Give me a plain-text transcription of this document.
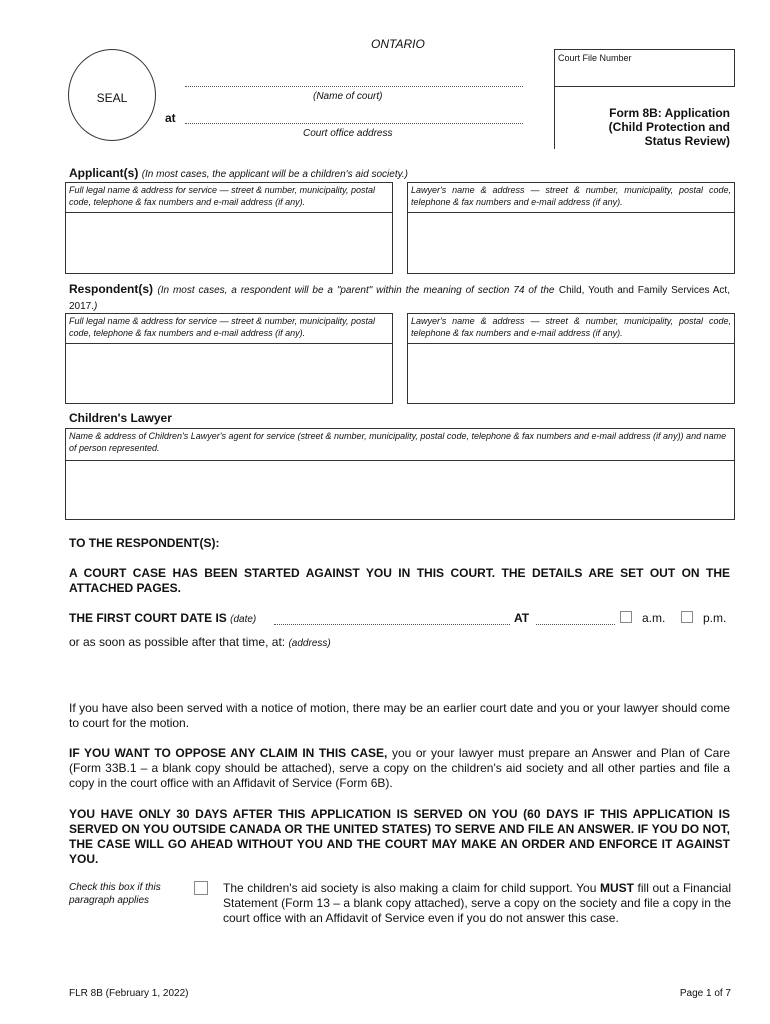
ONTARIO
SEAL	(Name of court)
at
Court office address
Court File Number
Form 8B: Application
(Child Protection and
Status Review)
Applicant(s) (In most cases, the applicant will be a children's aid society.)
Full legal name & address for service — street & number, municipality, postal code, telephone & fax numbers and e-mail address (if any).
Lawyer's name & address — street & number, municipality, postal code, telephone & fax numbers and e-mail address (if any).
Respondent(s) (In most cases, a respondent will be a "parent" within the meaning of section 74 of the Child, Youth and Family Services Act, 2017.)
Full legal name & address for service — street & number, municipality, postal code, telephone & fax numbers and e-mail address (if any).
Lawyer's name & address — street & number, municipality, postal code, telephone & fax numbers and e-mail address (if any).
Children's Lawyer
Name & address of Children's Lawyer's agent for service (street & number, municipality, postal code, telephone & fax numbers and e-mail address (if any)) and name of person represented.
TO THE RESPONDENT(S):
A COURT CASE HAS BEEN STARTED AGAINST YOU IN THIS COURT. THE DETAILS ARE SET OUT ON THE ATTACHED PAGES.
THE FIRST COURT DATE IS (date)	AT	a.m.	p.m.
or as soon as possible after that time, at: (address)
If you have also been served with a notice of motion, there may be an earlier court date and you or your lawyer should come to court for the motion.
IF YOU WANT TO OPPOSE ANY CLAIM IN THIS CASE, you or your lawyer must prepare an Answer and Plan of Care (Form 33B.1 – a blank copy should be attached), serve a copy on the children's aid society and all other parties and file a copy in the court office with an Affidavit of Service (Form 6B).
YOU HAVE ONLY 30 DAYS AFTER THIS APPLICATION IS SERVED ON YOU (60 DAYS IF THIS APPLICATION IS SERVED ON YOU OUTSIDE CANADA OR THE UNITED STATES) TO SERVE AND FILE AN ANSWER. IF YOU DO NOT, THE CASE WILL GO AHEAD WITHOUT YOU AND THE COURT MAY MAKE AN ORDER AND ENFORCE IT AGAINST YOU.
Check this box if this paragraph applies
The children's aid society is also making a claim for child support. You MUST fill out a Financial Statement (Form 13 – a blank copy attached), serve a copy on the society and file a copy in the court office with an Affidavit of Service even if you do not answer this case.
FLR 8B (February 1, 2022)	Page 1 of 7
